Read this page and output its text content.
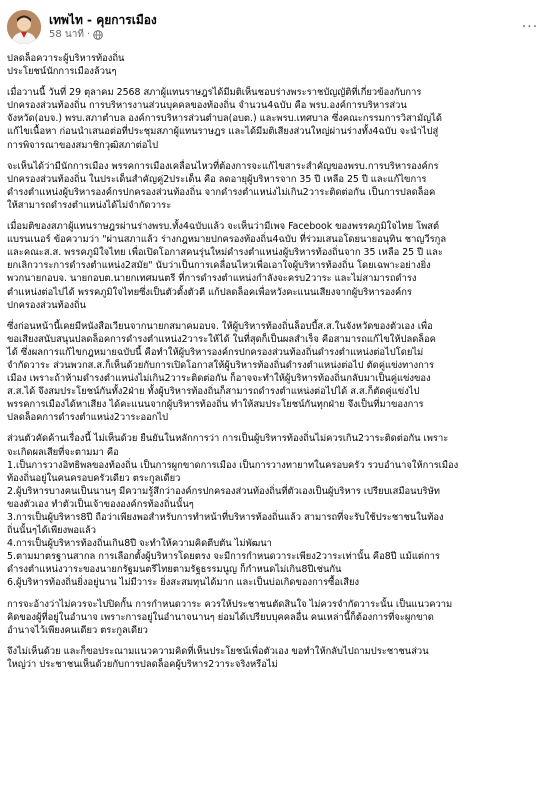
เทพไท - คุยการเมือง
58 นาที ·	···
ปลดล็อควาระผู้บริหารท้องถิ่น
ประโยชน์นักการเมืองล้วนๆ
เมื่อวานนี้ วันที่ 29 ตุลาคม 2568 สภาผู้แทนราษฎรได้มีมติเห็นชอบร่างพระราชบัญญัติที่เกี่ยวข้องกับการ
ปกครองส่วนท้องถิ่น การบริหารงานส่วนบุคคลของท้องถิ่น จำนวน4ฉบับ คือ พรบ.องค์การบริหารส่วน
จังหวัด(อบจ.) พรบ.สภาตำบล องค์การบริหารส่วนตำบล(อบต.) และพรบ.เทศบาล ซึ่งคณะกรรมการวิสามัญได้
แก้ไขเนื้อหา ก่อนนำเสนอต่อที่ประชุมสภาผู้แทนราษฎร และได้มีมติเสียงส่วนใหญ่ผ่านร่างทั้ง4ฉบับ จะนำไปสู่
การพิจารณาของสมาชิกวุฒิสภาต่อไป
จะเห็นได้ว่ามีนักการเมือง พรรคการเมืองเคลื่อนไหวที่ต้องการจะแก้ไขสาระสำคัญของพรบ.การบริหารองค์กร
ปกครองส่วนท้องถิ่น ในประเด็นสำคัญคู่2ประเด็น คือ ลดอายุผู้บริหารจาก 35 ปี เหลือ 25 ปี และแก้ไขการ
ดำรงตำแหน่งผู้บริหารองค์กรปกครองส่วนท้องถิ่น จากดำรงตำแหน่งไม่เกิน2วาระติดต่อกัน เป็นการปลดล็อค
ให้สามารถดำรงตำแหน่งได้ไม่จำกัดวาระ
เมื่อมติของสภาผู้แทนราษฎรผ่านร่างพรบ.ทั้ง4ฉบับแล้ว จะเห็นว่ามีเพจ Facebook ของพรรคภูมิใจไทย โพสต์
แบรนเนอร์ ข้อความว่า "ผ่านสภาแล้ว ร่างกฎหมายปกครองท้องถิ่น4ฉบับ ที่ร่วมเสนอโดยนายอนุทิน ชาญวีรกูล
และคณะส.ส. พรรคภูมิใจไทย เพื่อเปิดโอกาสคนรุ่นใหม่ดำรงตำแหน่งผู้บริหารท้องถิ่นจาก 35 เหลือ 25 ปี และ
ยกเลิกวาระการดำรงตำแหน่ง2สมัย" นับว่าเป็นการเคลื่อนไหวเพื่อเอาใจผู้บริหารท้องถิ่น โดยเฉพาะอย่างยิ่ง
พวกนายกอบจ. นายกอบต.นายกเทศมนตรี ที่การดำรงตำแหน่งกำลังจะครบ2วาระ และไม่สามารถดำรง
ตำแหน่งต่อไปได้ พรรคภูมิใจไทยซึ่งเป็นตัวตั้งตัวตี แก้ปลดล็อคเพื่อหวังคะแนนเสียงจากผู้บริหารองค์กร
ปกครองส่วนท้องถิ่น
ซึ่งก่อนหน้านี้เคยมีหนังสือเวียนจากนายกสมาคมอบจ. ให้ผู้บริหารท้องถิ่นล็อบบี้ส.ส.ในจังหวัดของตัวเอง เพื่อ
ขอเสียงสนับสนุนปลดล็อคการดำรงตำแหน่ง2วาระให้ได้ ในที่สุดก็เป็นผลสำเร็จ คือสามารถแก้ไขให้ปลดล็อค
ได้ ซึ่งผลการแก้ไขกฎหมายฉบับนี้ คือทำให้ผู้บริหารองค์กรปกครองส่วนท้องถิ่นดำรงตำแหน่งต่อไปโดยไม่
จำกัดวาระ ส่วนพวกส.ส.ก็เห็นด้วยกับการเปิดโอกาสให้ผู้บริหารท้องถิ่นดำรงตำแหน่งต่อไป ตัดคู่แข่งทางการ
เมือง เพราะถ้าห้ามดำรงตำแหน่งไม่เกิน2วาระติดต่อกัน ก็อาจจะทำให้ผู้บริหารท้องถิ่นกลับมาเป็นคู่แข่งของ
ส.ส.ได้ จึงสมประโยชน์กันทั้ง2ฝ่าย ทั้งผู้บริหารท้องถิ่นก็สามารถดำรงตำแหน่งต่อไปได้ ส.ส.ก็ตัดคู่แข่งไป
พรรคการเมืองได้หาเสียง ได้คะแนนจากผู้บริหารท้องถิ่น ทำให้สมประโยชน์กันทุกฝ่าย จึงเป็นที่มาของการ
ปลดล็อคการดำรงตำแหน่ง2วาระออกไป
ส่วนตัวคัดค้านเรื่องนี้ ไม่เห็นด้วย ยืนยันในหลักการว่า การเป็นผู้บริหารท้องถิ่นไม่ควรเกิน2วาระติดต่อกัน เพราะ
จะเกิดผลเสียที่จะตามมา คือ
1.เป็นการวางอิทธิพลของท้องถิ่น เป็นการผูกขาดการเมือง เป็นการวางทายาทในครอบครัว รวบอำนาจให้การเมือง
ท้องถิ่นอยู่ในคนครอบครัวเดียว ตระกูลเดียว
2.ผู้บริหารบางคนเป็นนานๆ มีความรู้สึกว่าองค์กรปกครองส่วนท้องถิ่นที่ตัวเองเป็นผู้บริหาร เปรียบเสมือนบริษัท
ของตัวเอง ทำตัวเป็นเจ้าขององค์กรท้องถิ่นนั้นๆ
3.การเป็นผู้บริหาร8ปี ถือว่าเพียงพอสำหรับการทำหน้าที่บริหารท้องถิ่นแล้ว สามารถที่จะรับใช้ประชาชนในท้อง
ถิ่นนั้นๆได้เพียงพอแล้ว
4.การเป็นผู้บริหารท้องถิ่นเกิน8ปี จะทำให้ความคิดตีบตัน ไม่พัฒนา
5.ตามมาตรฐานสากล การเลือกตั้งผู้บริหารโดยตรง จะมีการกำหนดวาระเพียง2วาระเท่านั้น คือ8ปี แม้แต่การ
ดำรงตำแหน่งวาระของนายกรัฐมนตรีไทยตามรัฐธรรมนูญ ก็กำหนดไม่เกิน8ปีเช่นกัน
6.ผู้บริหารท้องถิ่นยิ่งอยู่นาน ไม่มีวาระ ยิ่งสะสมทุนได้มาก และเป็นบ่อเกิดของการซื้อเสียง
การจะอ้างว่าไม่ควรจะไปปิดกั้น การกำหนดวาระ ควรให้ประชาชนตัดสินใจ ไม่ควรจำกัดวาระนั้น เป็นแนวความ
คิดของผู้ที่อยู่ในอำนาจ เพราะการอยู่ในอำนาจนานๆ ย่อมได้เปรียบบุคคลอื่น คนเหล่านี้ก็ต้องการที่จะผูกขาด
อำนาจไว้เพียงคนเดียว ตระกูลเดียว
จึงไม่เห็นด้วย และก็ขอประณามแนวความคิดที่เห็นประโยชน์เพื่อตัวเอง ขอทำให้กลับไปถามประชาชนส่วน
ใหญ่ว่า ประชาชนเห็นด้วยกับการปลดล็อคผู้บริหาร2วาระจริงหรือไม่
